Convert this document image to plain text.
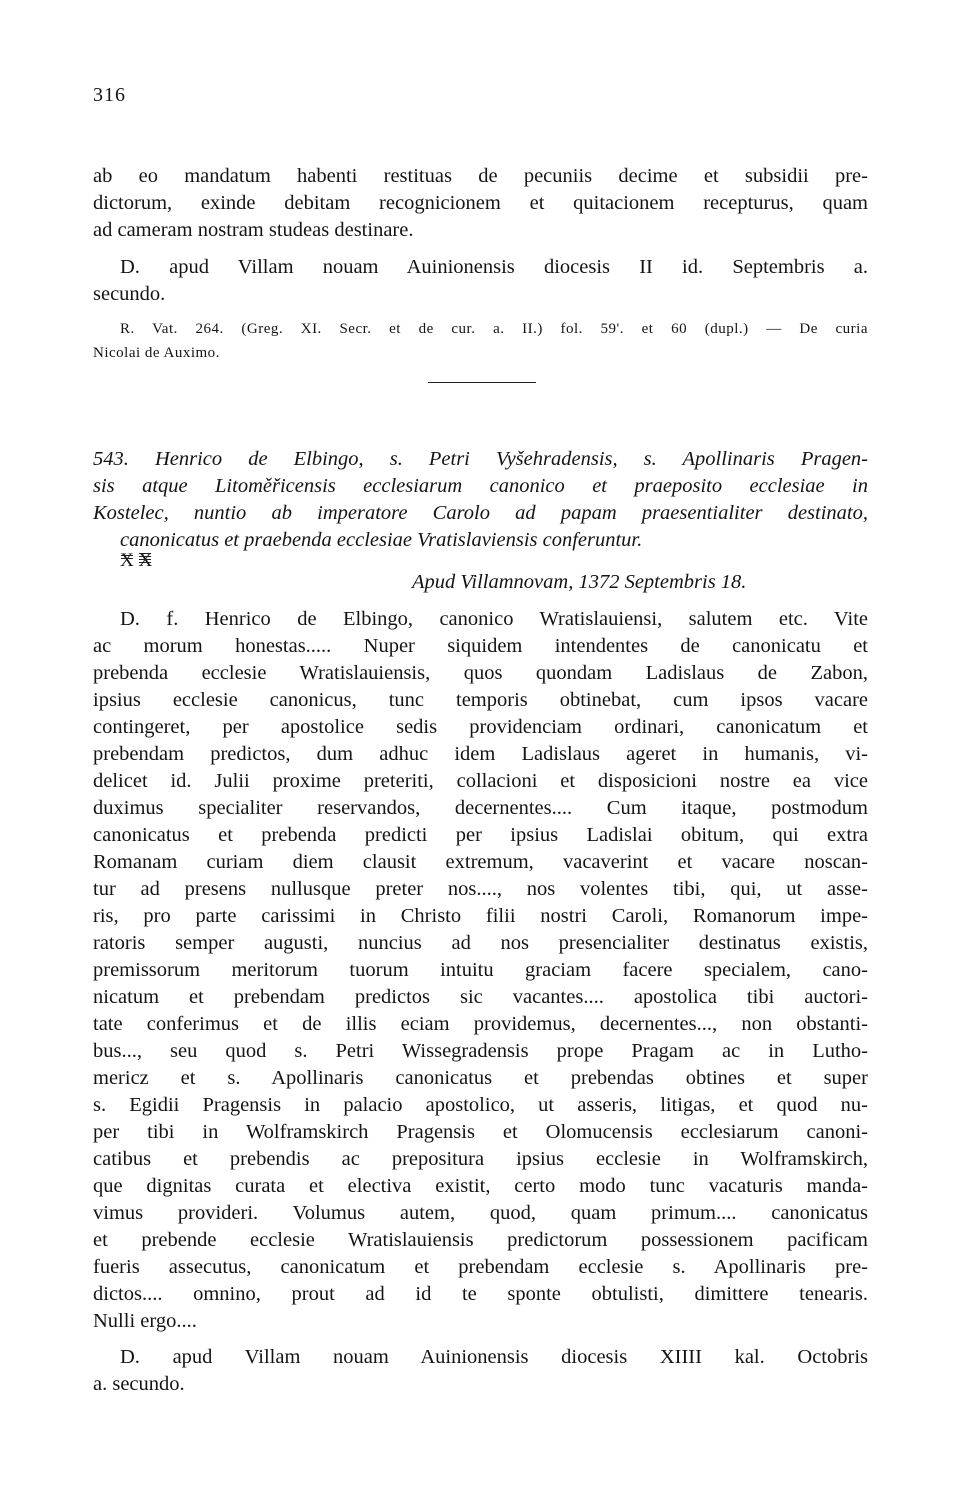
316
ab eo mandatum habenti restituas de pecuniis decime et subsidii pre-
dictorum, exinde debitam recognicionem et quitacionem recepturus, quam
ad cameram nostram studeas destinare.
D. apud Villam nouam Auinionensis diocesis II id. Septembris a.
secundo.
R. Vat. 264. (Greg. XI. Secr. et de cur. a. II.) fol. 59'. et 60 (dupl.) — De curia
Nicolai de Auximo.
543. Henrico de Elbingo, s. Petri Vyšehradensis, s. Apollinaris Pragen-
sis atque Litoměřicensis ecclesiarum canonico et praeposito ecclesiae in
Kostelec, nuntio ab imperatore Carolo ad papam praesentialiter destinato,
canonicatus et praebenda ecclesiae Vratislaviensis conferuntur.
X X
Apud Villamnovam, 1372 Septembris 18.
D. f. Henrico de Elbingo, canonico Wratislauiensi, salutem etc. Vite
ac morum honestas..... Nuper siquidem intendentes de canonicatu et
prebenda ecclesie Wratislauiensis, quos quondam Ladislaus de Zabon,
ipsius ecclesie canonicus, tunc temporis obtinebat, cum ipsos vacare
contingeret, per apostolice sedis providenciam ordinari, canonicatum et
prebendam predictos, dum adhuc idem Ladislaus ageret in humanis, vi-
delicet id. Julii proxime preteriti, collacioni et disposicioni nostre ea vice
duximus specialiter reservandos, decernentes.... Cum itaque, postmodum
canonicatus et prebenda predicti per ipsius Ladislai obitum, qui extra
Romanam curiam diem clausit extremum, vacaverint et vacare noscan-
tur ad presens nullusque preter nos...., nos volentes tibi, qui, ut asse-
ris, pro parte carissimi in Christo filii nostri Caroli, Romanorum impe-
ratoris semper augusti, nuncius ad nos presencialiter destinatus existis,
premissorum meritorum tuorum intuitu graciam facere specialem, cano-
nicatum et prebendam predictos sic vacantes.... apostolica tibi auctori-
tate conferimus et de illis eciam providemus, decernentes..., non obstanti-
bus..., seu quod s. Petri Wissegradensis prope Pragam ac in Lutho-
mericz et s. Apollinaris canonicatus et prebendas obtines et super
s. Egidii Pragensis in palacio apostolico, ut asseris, litigas, et quod nu-
per tibi in Wolframskirch Pragensis et Olomucensis ecclesiarum canoni-
catibus et prebendis ac prepositura ipsius ecclesie in Wolframskirch,
que dignitas curata et electiva existit, certo modo tunc vacaturis manda-
vimus provideri. Volumus autem, quod, quam primum.... canonicatus
et prebende ecclesie Wratislauiensis predictorum possessionem pacificam
fueris assecutus, canonicatum et prebendam ecclesie s. Apollinaris pre-
dictos.... omnino, prout ad id te sponte obtulisti, dimittere tenearis.
Nulli ergo....
D. apud Villam nouam Auinionensis diocesis XIIII kal. Octobris
a. secundo.
